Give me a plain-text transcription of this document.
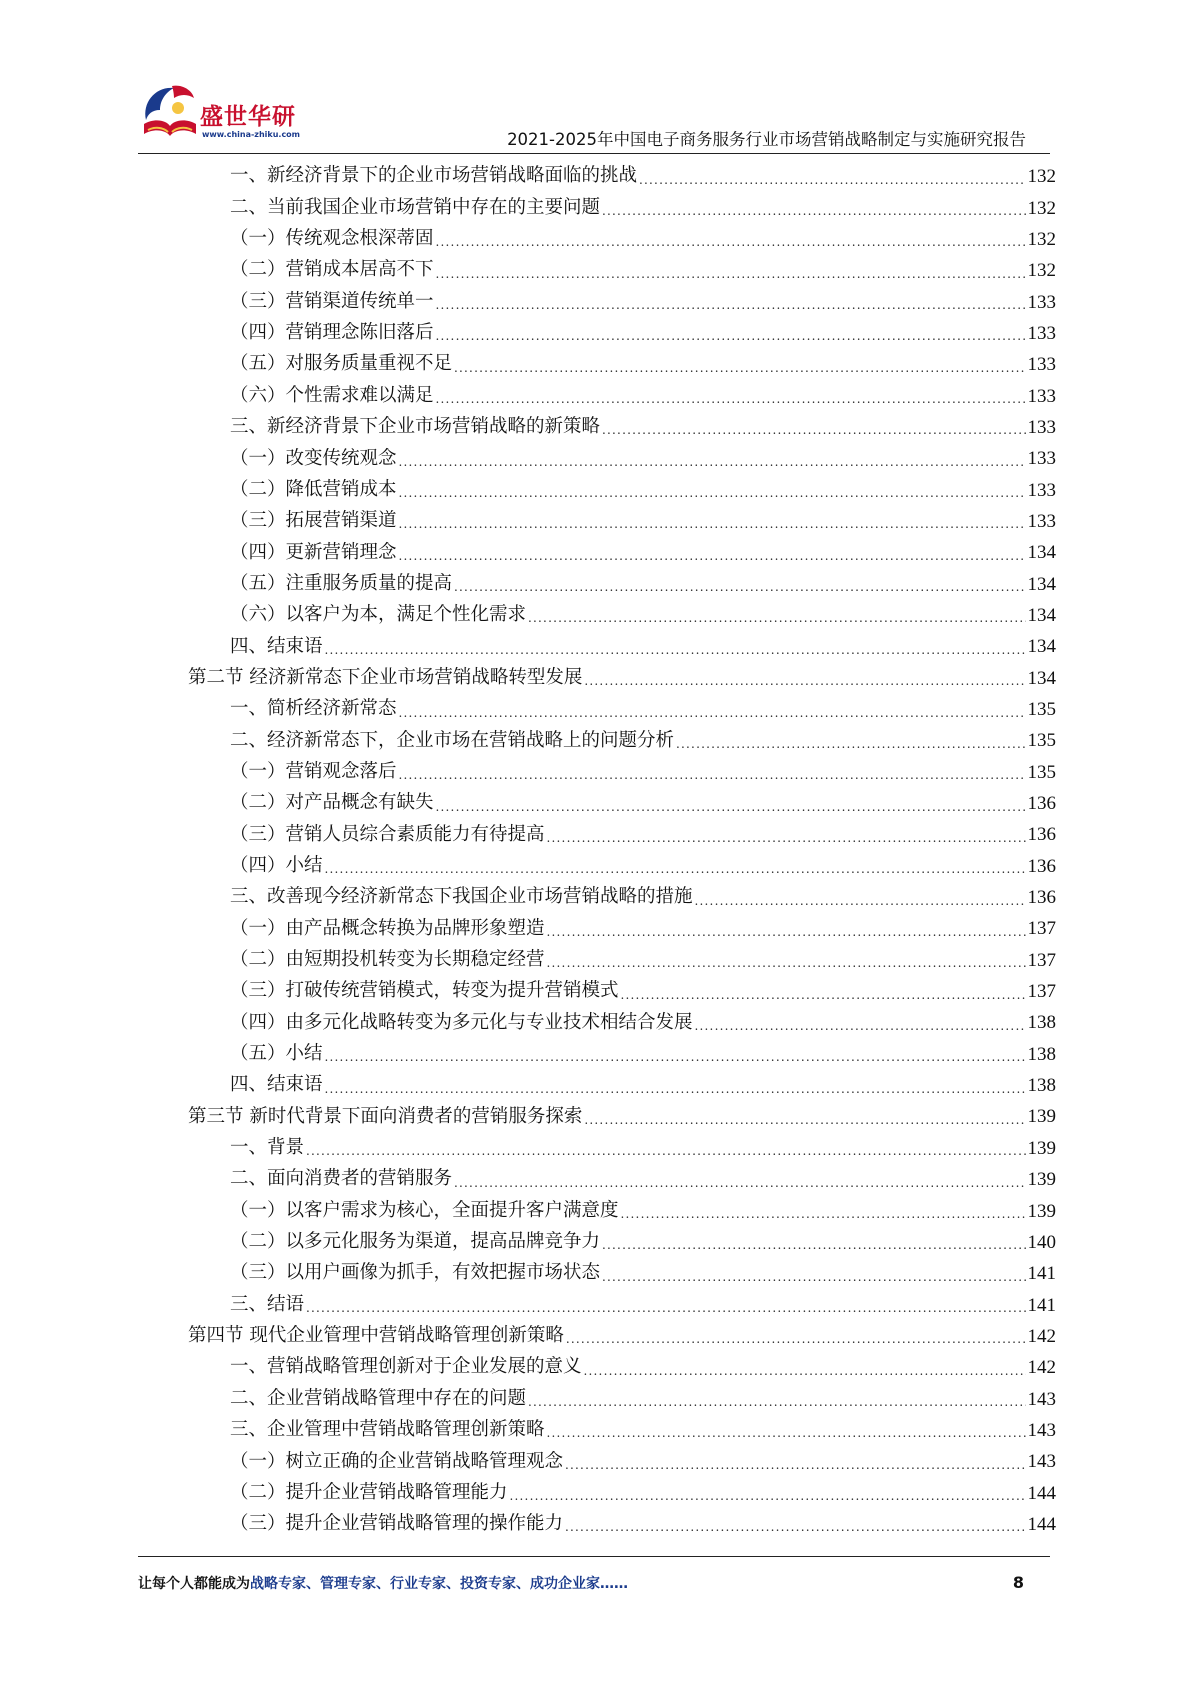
盛世华研
www.china-zhiku.com	2021-2025年中国电子商务服务行业市场营销战略制定与实施研究报告
一、新经济背景下的企业市场营销战略面临的挑战 .....	132
二、当前我国企业市场营销中存在的主要问题 .....	132
（一）传统观念根深蒂固 .....	132
（二）营销成本居高不下 .....	132
（三）营销渠道传统单一 .....	133
（四）营销理念陈旧落后 .....	133
（五）对服务质量重视不足 .....	133
（六）个性需求难以满足 .....	133
三、新经济背景下企业市场营销战略的新策略 .....	133
（一）改变传统观念 .....	133
（二）降低营销成本 .....	133
（三）拓展营销渠道 .....	133
（四）更新营销理念 .....	134
（五）注重服务质量的提高 .....	134
（六）以客户为本，满足个性化需求 .....	134
四、结束语 .....	134
第二节 经济新常态下企业市场营销战略转型发展 .....	134
一、简析经济新常态 .....	135
二、经济新常态下，企业市场在营销战略上的问题分析 .....	135
（一）营销观念落后 .....	135
（二）对产品概念有缺失 .....	136
（三）营销人员综合素质能力有待提高 .....	136
（四）小结 .....	136
三、改善现今经济新常态下我国企业市场营销战略的措施 .....	136
（一）由产品概念转换为品牌形象塑造 .....	137
（二）由短期投机转变为长期稳定经营 .....	137
（三）打破传统营销模式，转变为提升营销模式 .....	137
（四）由多元化战略转变为多元化与专业技术相结合发展 .....	138
（五）小结 .....	138
四、结束语 .....	138
第三节 新时代背景下面向消费者的营销服务探索 .....	139
一、背景 .....	139
二、面向消费者的营销服务 .....	139
（一）以客户需求为核心，全面提升客户满意度 .....	139
（二）以多元化服务为渠道，提高品牌竞争力 .....	140
（三）以用户画像为抓手，有效把握市场状态 .....	141
三、结语 .....	141
第四节 现代企业管理中营销战略管理创新策略 .....	142
一、营销战略管理创新对于企业发展的意义 .....	142
二、企业营销战略管理中存在的问题 .....	143
三、企业管理中营销战略管理创新策略 .....	143
（一）树立正确的企业营销战略管理观念 .....	143
（二）提升企业营销战略管理能力 .....	144
（三）提升企业营销战略管理的操作能力 .....	144
让每个人都能成为战略专家、管理专家、行业专家、投资专家、成功企业家……	8
